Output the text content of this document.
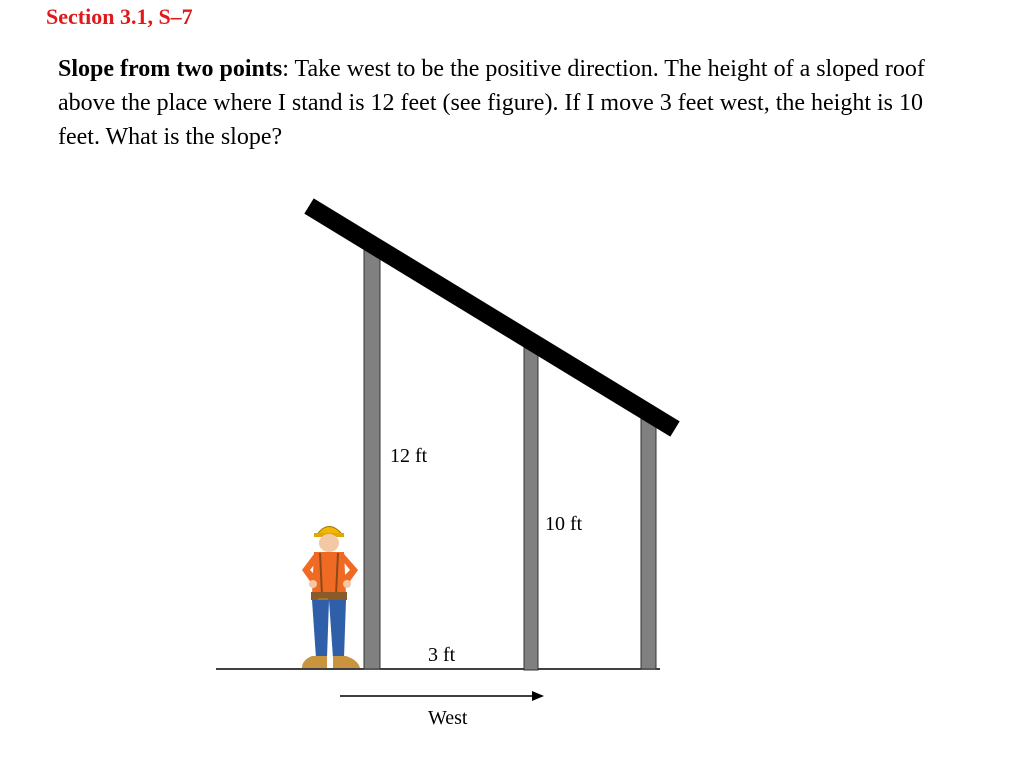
Section 3.1, S–7
Slope from two points: Take west to be the positive direction. The height of a sloped roof above the place where I stand is 12 feet (see figure). If I move 3 feet west, the height is 10 feet. What is the slope?
12 ft
10 ft
3 ft
West
